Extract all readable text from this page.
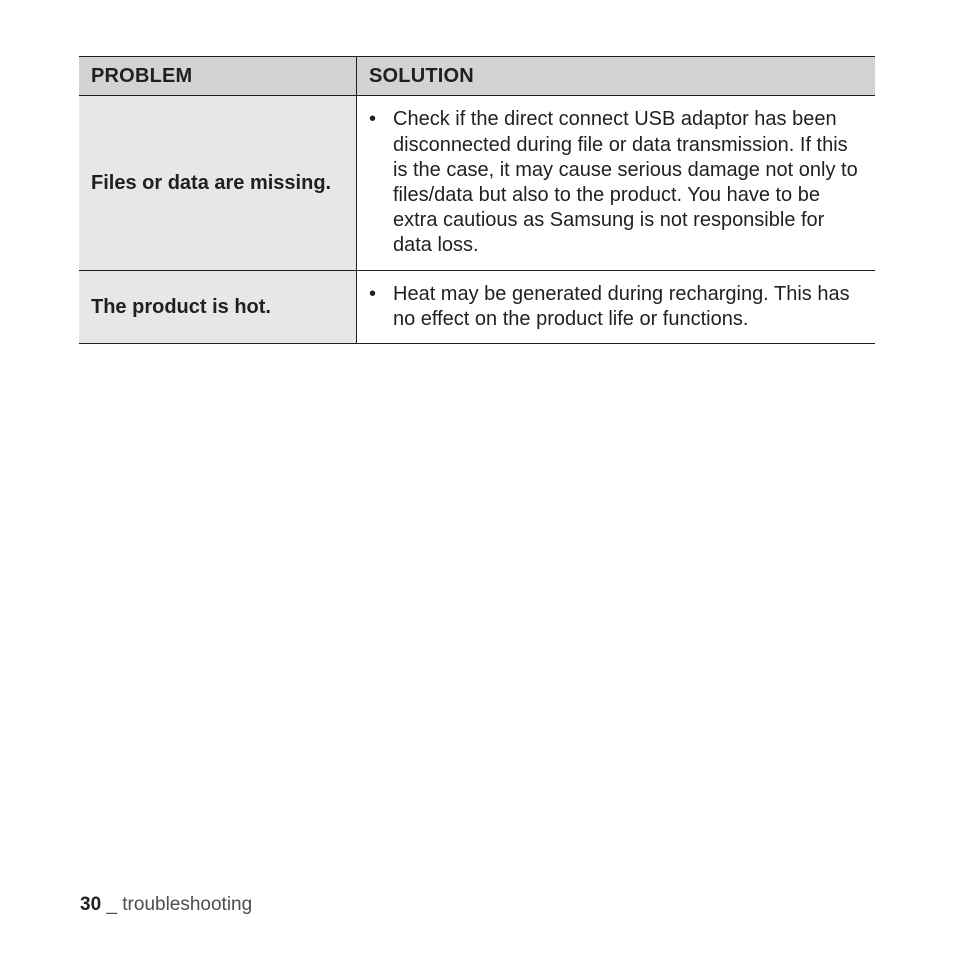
PROBLEM	SOLUTION
Files or data are missing.
• Check if the direct connect USB adaptor has been disconnected during file or data transmission. If this is the case, it may cause serious damage not only to files/data but also to the product. You have to be extra cautious as Samsung is not responsible for data loss.
The product is hot.
• Heat may be generated during recharging. This has no effect on the product life or functions.
30 _ troubleshooting
